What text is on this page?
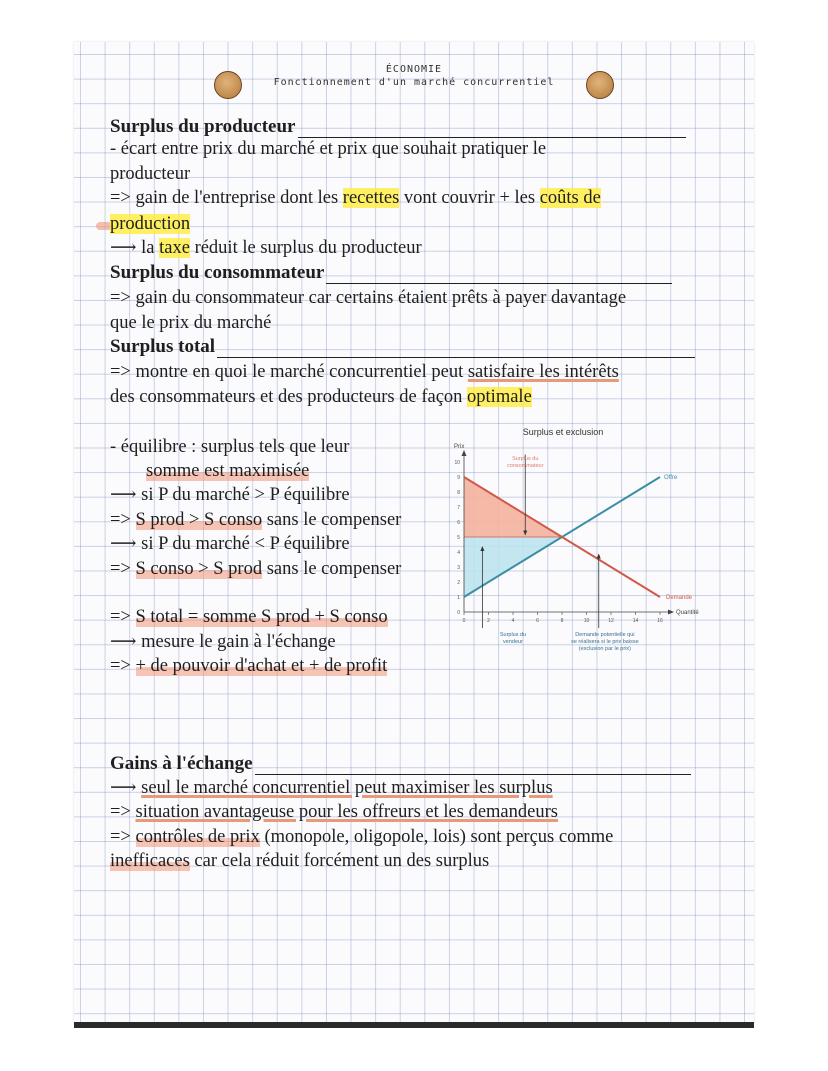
ÉCONOMIE
Fonctionnement d'un marché concurrentiel
Surplus du producteur
- écart entre prix du marché et prix que souhait pratiquer le
producteur
=> gain de l'entreprise dont les recettes vont couvrir + les coûts de
production
⟶ la taxe réduit le surplus du producteur
Surplus du consommateur
=> gain du consommateur car certains étaient prêts à payer davantage
que le prix du marché
Surplus total
=> montre en quoi le marché concurrentiel peut satisfaire les intérêts
des consommateurs et des producteurs de façon optimale
- équilibre : surplus tels que leur
somme est maximisée
⟶ si P du marché > P équilibre
=> S prod > S conso sans le compenser
⟶ si P du marché < P équilibre
=> S conso > S prod sans le compenser
=> S total = somme S prod + S conso
⟶ mesure le gain à l'échange
=> + de pouvoir d'achat et + de profit
Surplus et exclusion
Prix
Quantité
0
1
2
3
4
5
6
7
8
9
10
0	2	4	6	8	10	12	14	16
Offre
Demande
Surplus du
consommateur
Surplus du
vendeur
Demande potentielle qui
se réalisera si le prix baisse
(exclusion par le prix)
Gains à l'échange
⟶ seul le marché concurrentiel peut maximiser les surplus
=> situation avantageuse pour les offreurs et les demandeurs
=> contrôles de prix (monopole, oligopole, lois) sont perçus comme
inefficaces car cela réduit forcément un des surplus
